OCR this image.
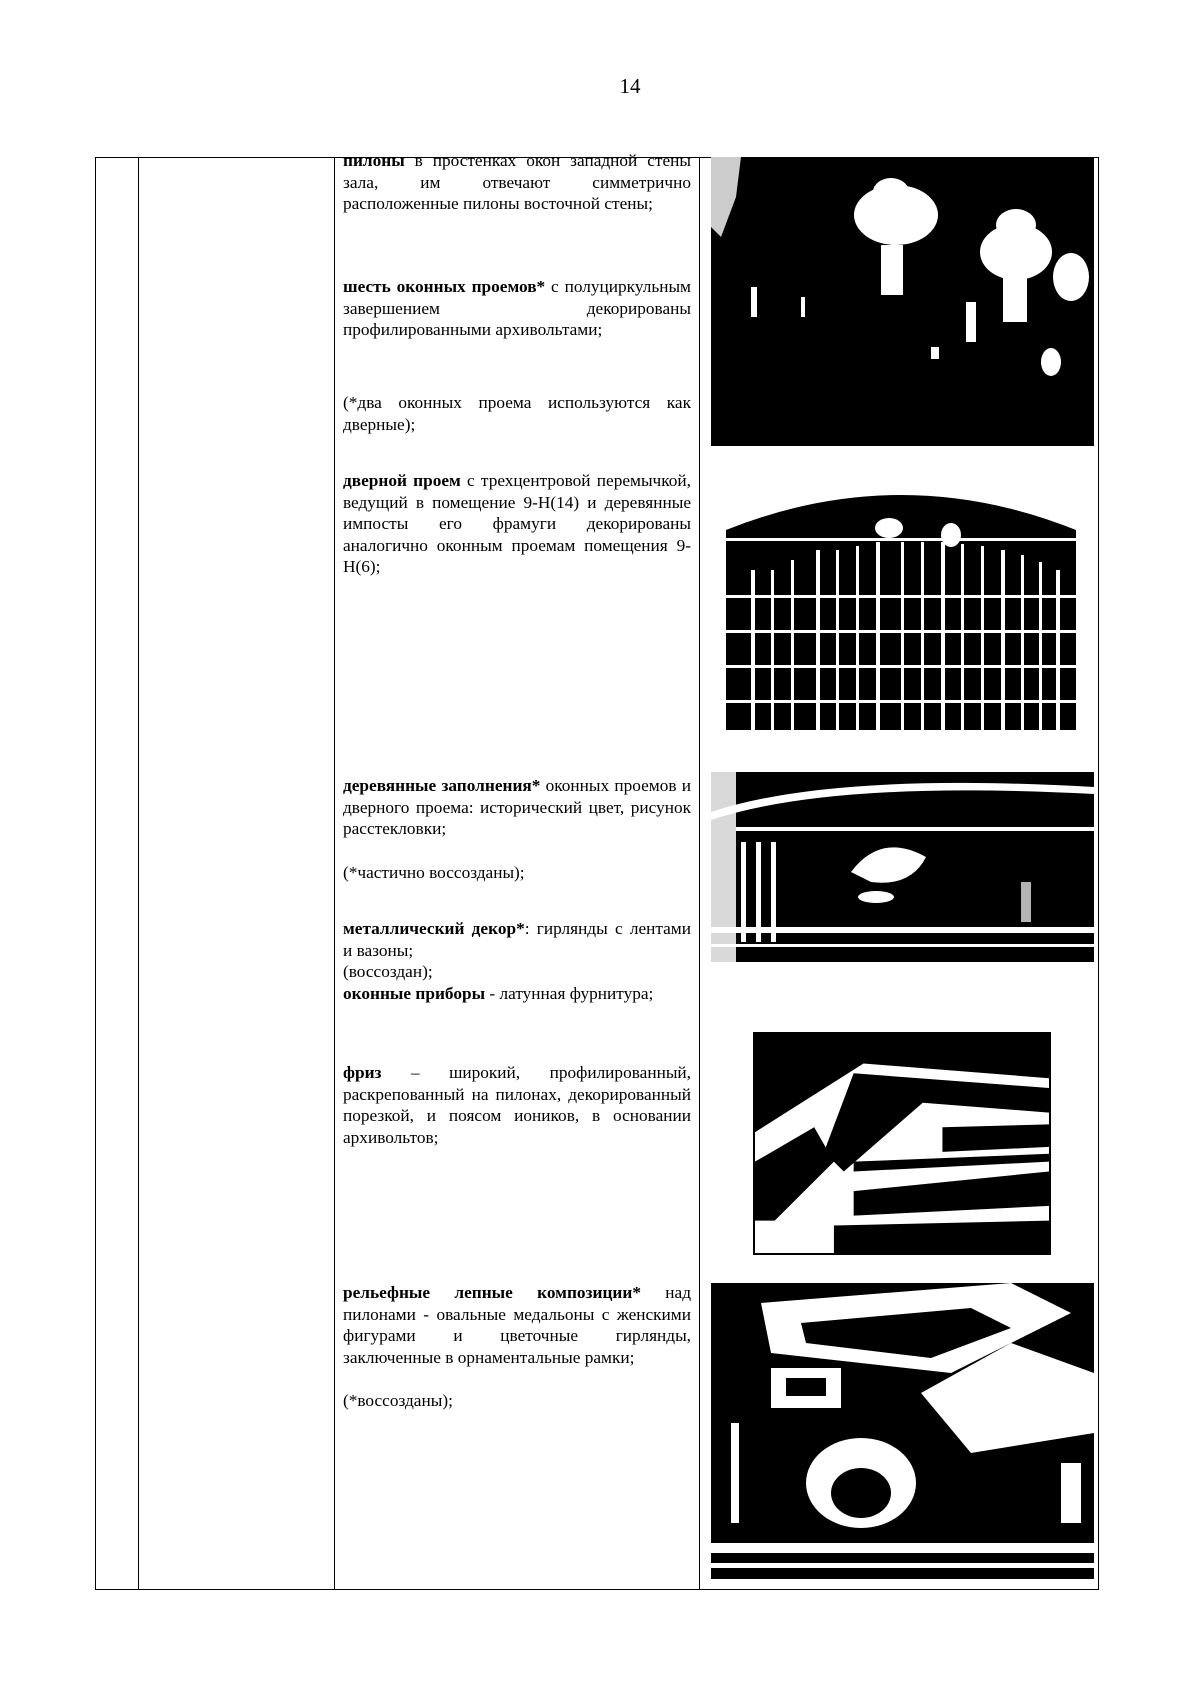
14

пилоны в простенках окон западной стены зала, им отвечают симметрично расположенные пилоны восточной стены;

шесть оконных проемов* с полуциркульным завершением декорированы профилированными архивольтами;

(*два оконных проема используются как дверные);

дверной проем с трехцентровой перемычкой, ведущий в помещение 9-Н(14) и деревянные импосты его фрамуги декорированы аналогично оконным проемам помещения 9-Н(6);

деревянные заполнения* оконных проемов и дверного проема: исторический цвет, рисунок расстекловки;

(*частично воссозданы);

металлический декор*: гирлянды с лентами и вазоны;

(воссоздан);

оконные приборы - латунная фурнитура;

фриз – широкий, профилированный, раскрепованный на пилонах, декорированный порезкой, и поясом иоников, в основании архивольтов;

рельефные лепные композиции* над пилонами - овальные медальоны с женскими фигурами и цветочные гирлянды, заключенные в орнаментальные рамки;

(*воссозданы);
